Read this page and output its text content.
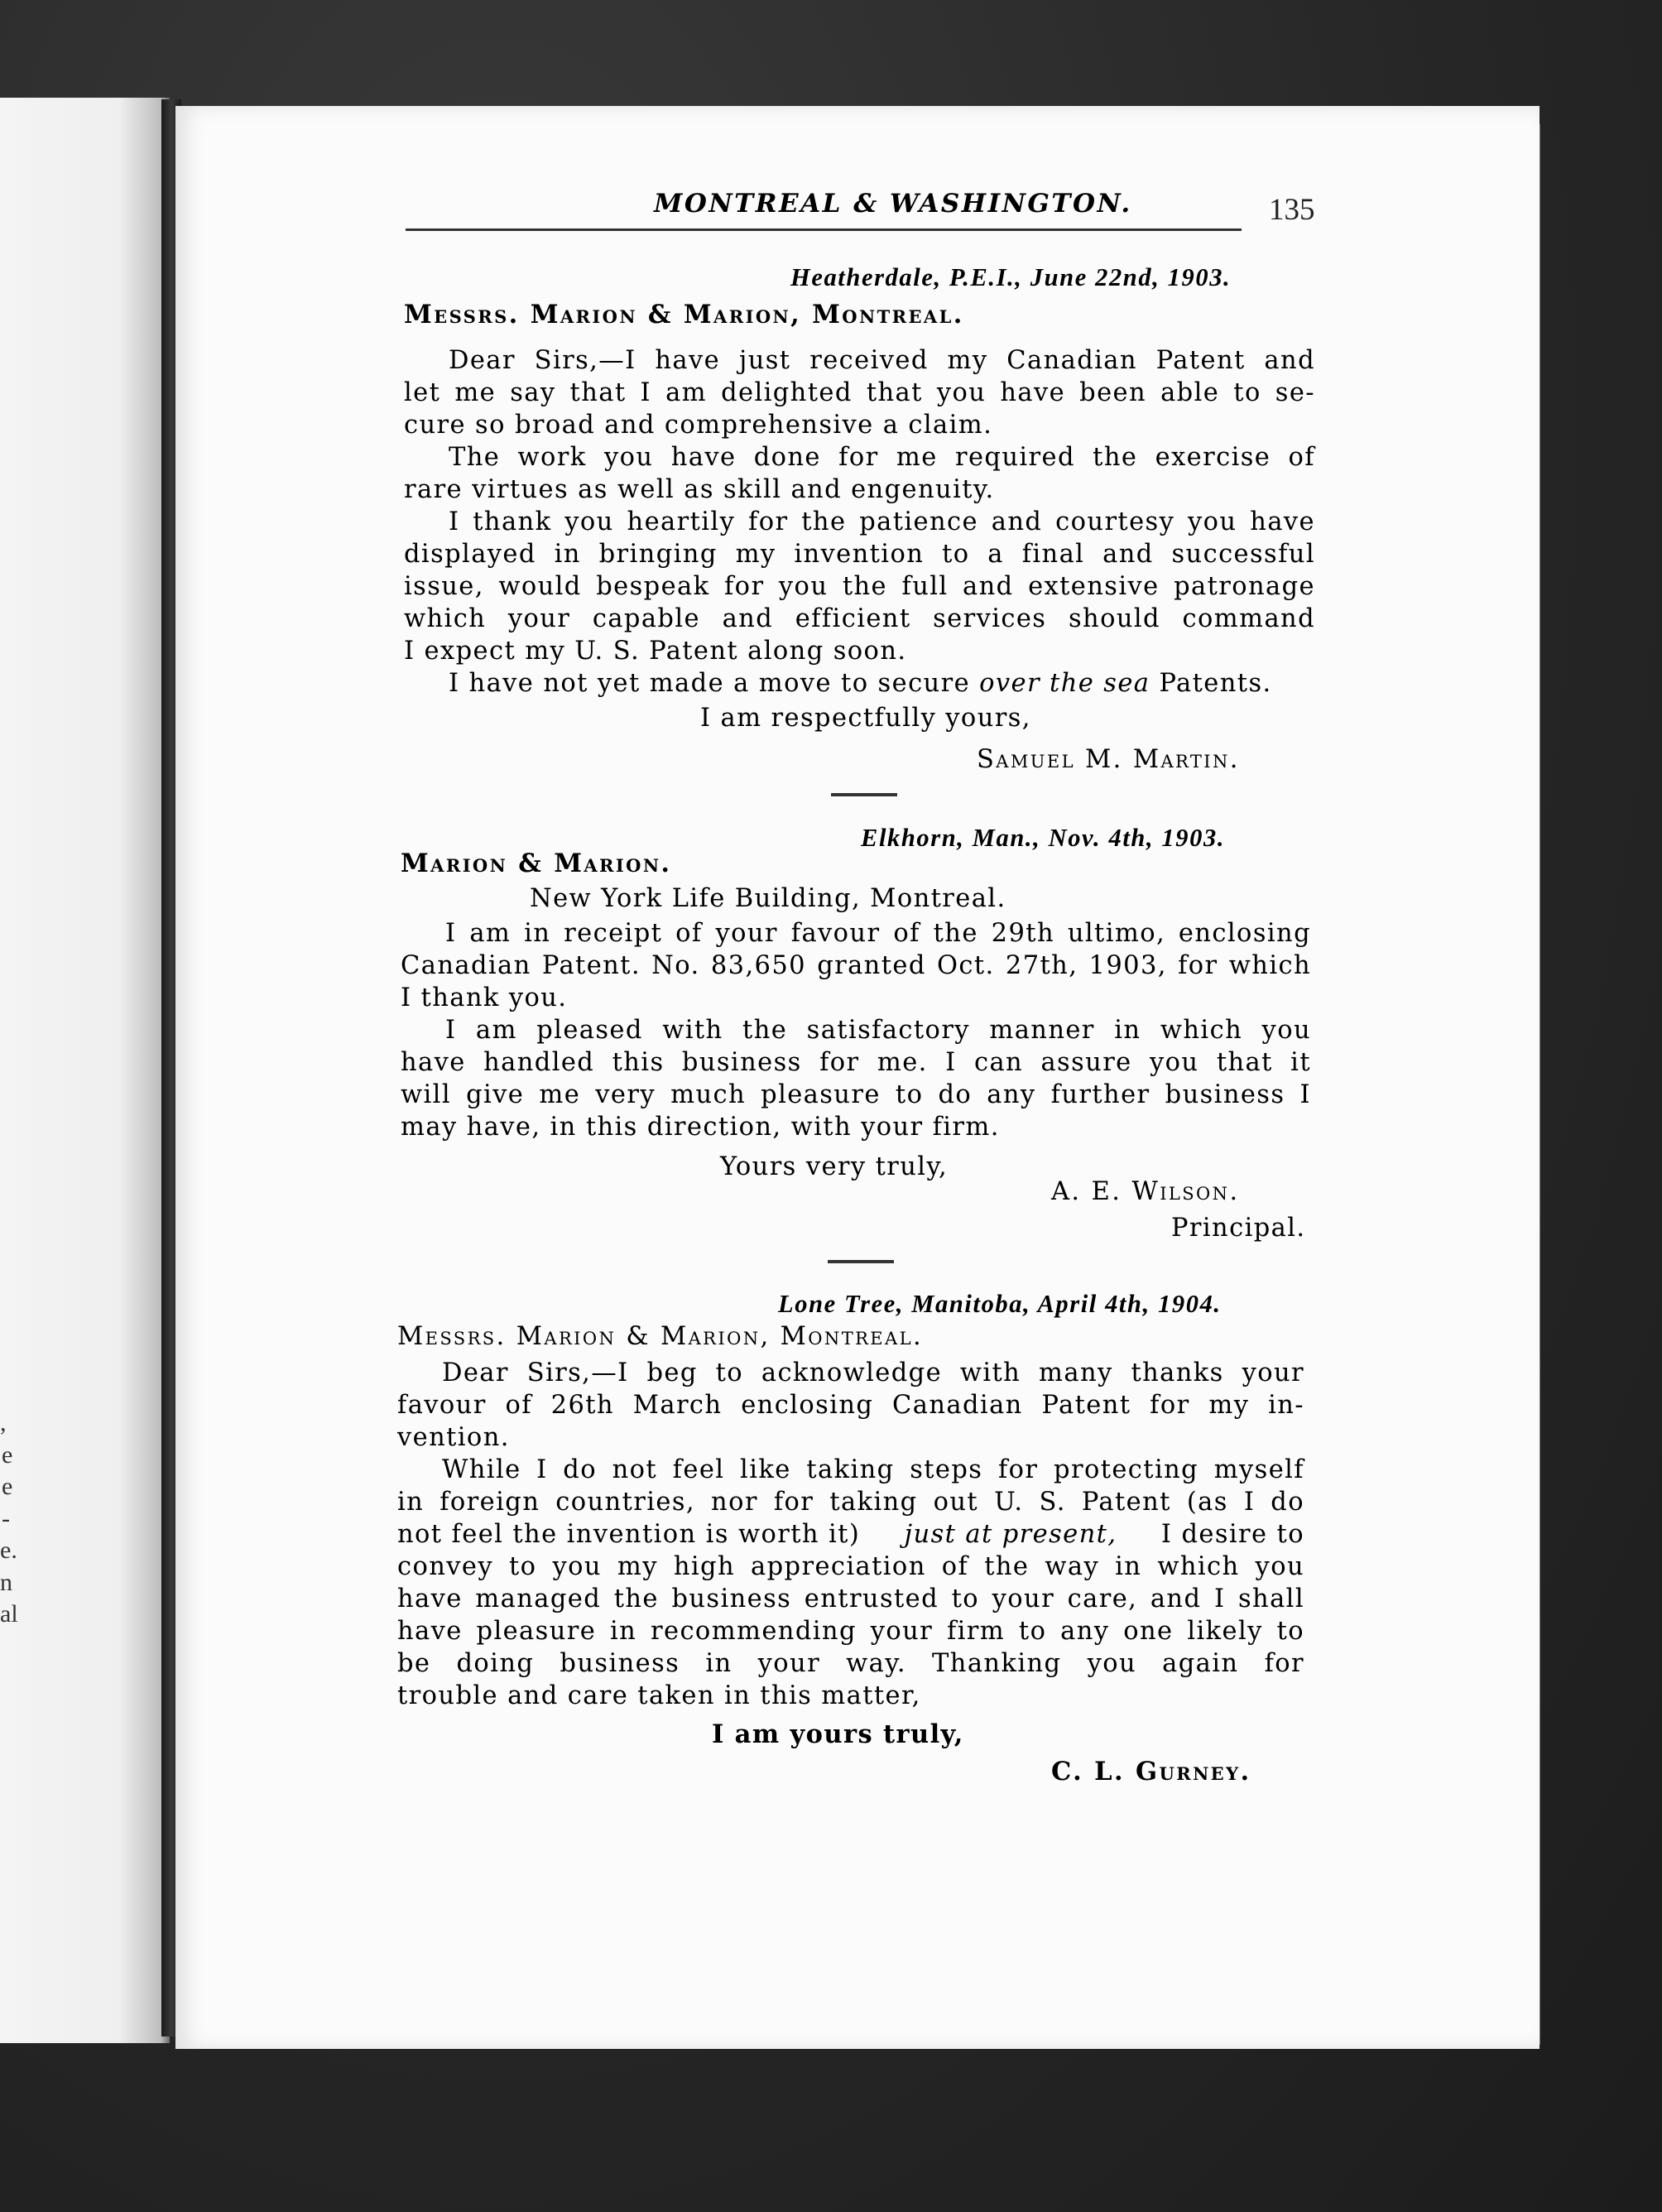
,
e
e
-
e.
n
al
MONTREAL & WASHINGTON.	135
Heatherdale, P.E.I., June 22nd, 1903.
Messrs. Marion & Marion, Montreal.
Dear Sirs,—I have just received my Canadian Patent and
let me say that I am delighted that you have been able to se-
cure so broad and comprehensive a claim.
The work you have done for me required the exercise of
rare virtues as well as skill and engenuity.
I thank you heartily for the patience and courtesy you have
displayed in bringing my invention to a final and successful
issue, would bespeak for you the full and extensive patronage
which your capable and efficient services should command
I expect my U. S. Patent along soon.
I have not yet made a move to secure over the sea Patents.
I am respectfully yours,
Samuel M. Martin.
Elkhorn, Man., Nov. 4th, 1903.
Marion & Marion.
New York Life Building, Montreal.
I am in receipt of your favour of the 29th ultimo, enclosing
Canadian Patent. No. 83,650 granted Oct. 27th, 1903, for which
I thank you.
I am pleased with the satisfactory manner in which you
have handled this business for me. I can assure you that it
will give me very much pleasure to do any further business I
may have, in this direction, with your firm.
Yours very truly,
A. E. Wilson.
Principal.
Lone Tree, Manitoba, April 4th, 1904.
Messrs. Marion & Marion, Montreal.
Dear Sirs,—I beg to acknowledge with many thanks your
favour of 26th March enclosing Canadian Patent for my in-
vention.
While I do not feel like taking steps for protecting myself
in foreign countries, nor for taking out U. S. Patent (as I do
not feel the invention is worth it) just at present, I desire to
convey to you my high appreciation of the way in which you
have managed the business entrusted to your care, and I shall
have pleasure in recommending your firm to any one likely to
be doing business in your way. Thanking you again for
trouble and care taken in this matter,
I am yours truly,
C. L. Gurney.
